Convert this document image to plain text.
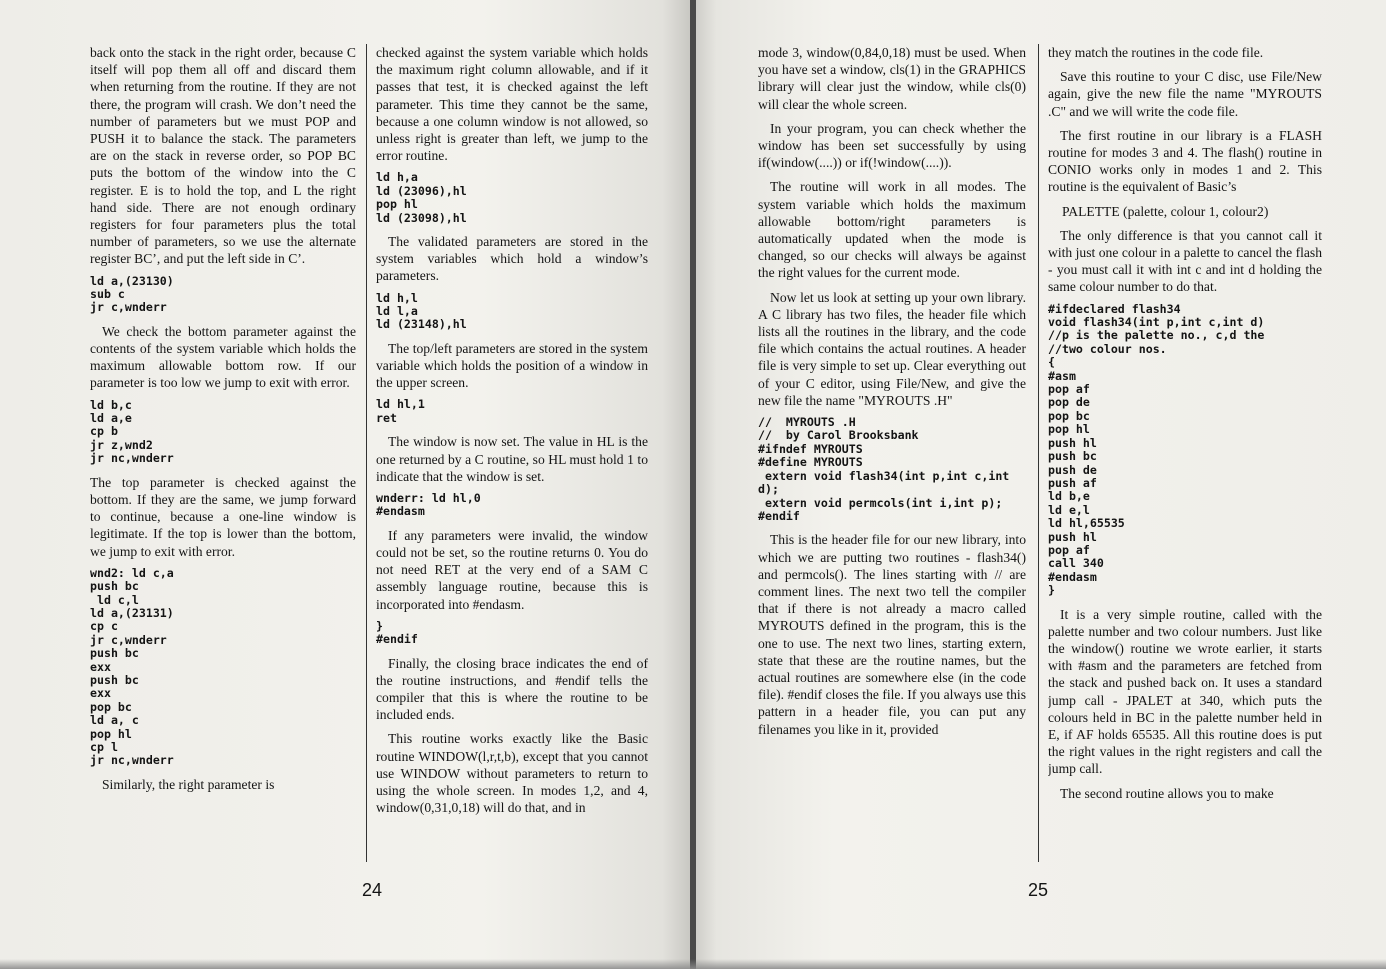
back onto the stack in the right order, because C itself will pop them all off and discard them when returning from the routine. If they are not there, the program will crash. We don’t need the number of parameters but we must POP and PUSH it to balance the stack. The parameters are on the stack in reverse order, so POP BC puts the bottom of the window into the C register. E is to hold the top, and L the right hand side. There are not enough ordinary registers for four parameters plus the total number of parameters, so we use the alternate register BC’, and put the left side in C’.

ld a,(23130)
sub c
jr c,wnderr

We check the bottom parameter against the contents of the system variable which holds the maximum allowable bottom row. If our parameter is too low we jump to exit with error.

ld b,c
ld a,e
cp b
jr z,wnd2
jr nc,wnderr

The top parameter is checked against the bottom. If they are the same, we jump forward to continue, because a one-line window is legitimate. If the top is lower than the bottom, we jump to exit with error.

wnd2: ld c,a
push bc
ld c,l
ld a,(23131)
cp c
jr c,wnderr
push bc
exx
push bc
exx
pop bc
ld a, c
pop hl
cp l
jr nc,wnderr

Similarly, the right parameter is

checked against the system variable which holds the maximum right column allowable, and if it passes that test, it is checked against the left parameter. This time they cannot be the same, because a one column window is not allowed, so unless right is greater than left, we jump to the error routine.

ld h,a
ld (23096),hl
pop hl
ld (23098),hl

The validated parameters are stored in the system variables which hold a window’s parameters.

ld h,l
ld l,a
ld (23148),hl

The top/left parameters are stored in the system variable which holds the position of a window in the upper screen.

ld hl,1
ret

The window is now set. The value in HL is the one returned by a C routine, so HL must hold 1 to indicate that the window is set.

wnderr: ld hl,0
#endasm

If any parameters were invalid, the window could not be set, so the routine returns 0. You do not need RET at the very end of a SAM C assembly language routine, because this is incorporated into #endasm.

}
#endif

Finally, the closing brace indicates the end of the routine instructions, and #endif tells the compiler that this is where the routine to be included ends.

This routine works exactly like the Basic routine WINDOW(l,r,t,b), except that you cannot use WINDOW without parameters to return to using the whole screen. In modes 1,2, and 4, window(0,31,0,18) will do that, and in

24

mode 3, window(0,84,0,18) must be used. When you have set a window, cls(1) in the GRAPHICS library will clear just the window, while cls(0) will clear the whole screen.

In your program, you can check whether the window has been set successfully by using if(window(....)) or if(!window(....)).

The routine will work in all modes. The system variable which holds the maximum allowable bottom/right parameters is automatically updated when the mode is changed, so our checks will always be against the right values for the current mode.

Now let us look at setting up your own library. A C library has two files, the header file which lists all the routines in the library, and the code file which contains the actual routines. A header file is very simple to set up. Clear everything out of your C editor, using File/New, and give the new file the name "MYROUTS .H"

//  MYROUTS .H
//  by Carol Brooksbank
#ifndef MYROUTS
#define MYROUTS
extern void flash34(int p,int c,int d);
extern void permcols(int i,int p);
#endif

This is the header file for our new library, into which we are putting two routines - flash34() and permcols(). The lines starting with // are comment lines. The next two tell the compiler that if there is not already a macro called MYROUTS defined in the program, this is the one to use. The next two lines, starting extern, state that these are the routine names, but the actual routines are somewhere else (in the code file). #endif closes the file. If you always use this pattern in a header file, you can put any filenames you like in it, provided

they match the routines in the code file.

Save this routine to your C disc, use File/New again, give the new file the name "MYROUTS .C" and we will write the code file.

The first routine in our library is a FLASH routine for modes 3 and 4. The flash() routine in CONIO works only in modes 1 and 2. This routine is the equivalent of Basic’s

PALETTE (palette, colour 1, colour2)

The only difference is that you cannot call it with just one colour in a palette to cancel the flash - you must call it with int c and int d holding the same colour number to do that.

#ifdeclared flash34
void flash34(int p,int c,int d)
//p is the palette no., c,d the
//two colour nos.
{
#asm
pop af
pop de
pop bc
pop hl
push hl
push bc
push de
push af
ld b,e
ld e,l
ld hl,65535
push hl
pop af
call 340
#endasm
}

It is a very simple routine, called with the palette number and two colour numbers. Just like the window() routine we wrote earlier, it starts with #asm and the parameters are fetched from the stack and pushed back on. It uses a standard jump call - JPALET at 340, which puts the colours held in BC in the palette number held in E, if AF holds 65535. All this routine does is put the right values in the right registers and call the jump call.

The second routine allows you to make

25
